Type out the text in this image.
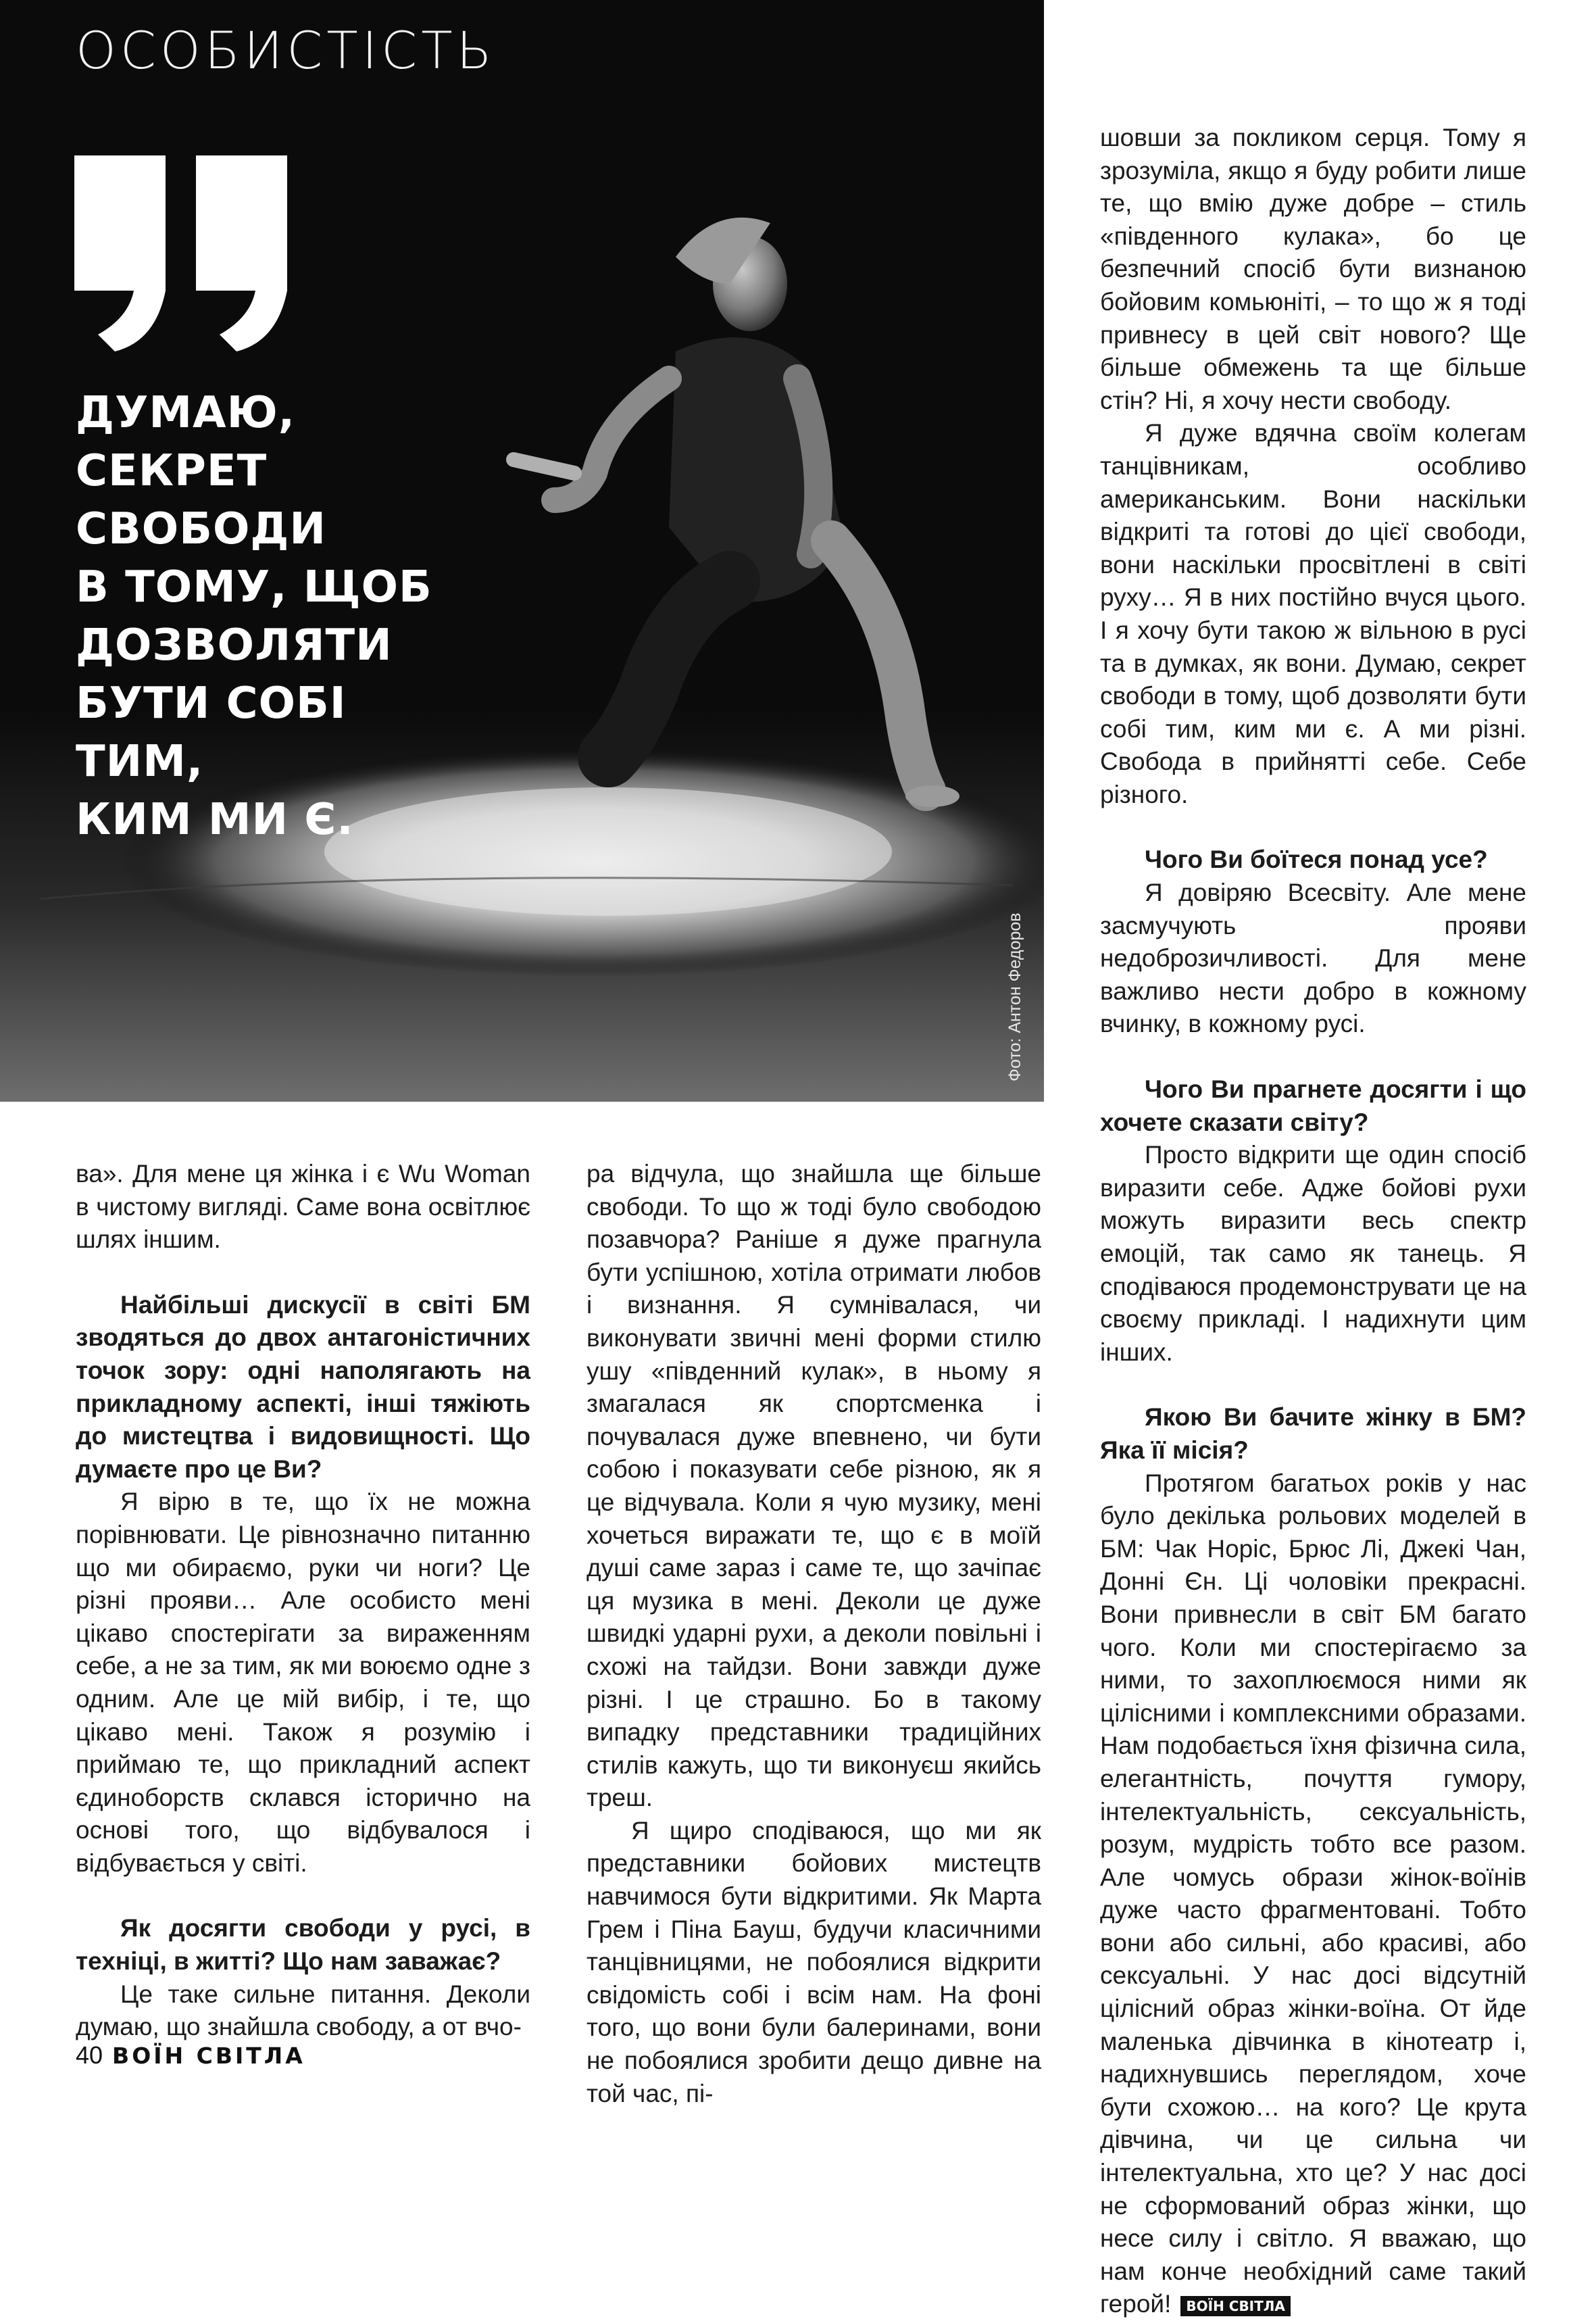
ОСОБИСТІСТЬ
ДУМАЮ, СЕКРЕТ
СВОБОДИ
В ТОМУ, ЩОБ
ДОЗВОЛЯТИ
БУТИ СОБІ ТИМ,
КИМ МИ Є.
Фото: Антон Федоров

ва». Для мене ця жінка і є Wu Woman в чистому вигляді. Саме вона освітлює шлях іншим.

Найбільші дискусії в світі БМ зводяться до двох антагоністичних точок зору: одні наполягають на прикладному аспекті, інші тяжіють до мистецтва і видовищності. Що думаєте про це Ви?

Я вірю в те, що їх не можна порівнювати. Це рівнозначно питанню що ми обираємо, руки чи ноги? Це різні прояви… Але особисто мені цікаво спостерігати за вираженням себе, а не за тим, як ми воюємо одне з одним. Але це мій вибір, і те, що цікаво мені. Також я розумію і приймаю те, що прикладний аспект єдиноборств склався історично на основі того, що відбувалося і відбувається у світі.

Як досягти свободи у русі, в техніці, в житті? Що нам заважає?

Це таке сильне питання. Деколи думаю, що знайшла свободу, а от вчо-

ра відчула, що знайшла ще більше свободи. То що ж тоді було свободою позавчора? Раніше я дуже прагнула бути успішною, хотіла отримати любов і визнання. Я сумнівалася, чи виконувати звичні мені форми стилю ушу «південний кулак», в ньому я змагалася як спортсменка і почувалася дуже впевнено, чи бути собою і показувати себе різною, як я це відчувала. Коли я чую музику, мені хочеться виражати те, що є в моїй душі саме зараз і саме те, що зачіпає ця музика в мені. Деколи це дуже швидкі ударні рухи, а деколи повільні і схожі на тайдзи. Вони завжди дуже різні. І це страшно. Бо в такому випадку представники традиційних стилів кажуть, що ти виконуєш якийсь треш.

Я щиро сподіваюся, що ми як представники бойових мистецтв навчимося бути відкритими. Як Марта Грем і Піна Бауш, будучи класичними танцівницями, не побоялися відкрити свідомість собі і всім нам. На фоні того, що вони були балеринами, вони не побоялися зробити дещо дивне на той час, пі-

шовши за покликом серця. Тому я зрозуміла, якщо я буду робити лише те, що вмію дуже добре – стиль «південного кулака», бо це безпечний спосіб бути визнаною бойовим комьюніті, – то що ж я тоді привнесу в цей світ нового? Ще більше обмежень та ще більше стін? Ні, я хочу нести свободу.

Я дуже вдячна своїм колегам танцівникам, особливо американським. Вони наскільки відкриті та готові до цієї свободи, вони наскільки просвітлені в світі руху… Я в них постійно вчуся цього. І я хочу бути такою ж вільною в русі та в думках, як вони. Думаю, секрет свободи в тому, щоб дозволяти бути собі тим, ким ми є. А ми різні. Свобода в прийнятті себе. Себе різного.

Чого Ви боїтеся понад усе?

Я довіряю Всесвіту. Але мене засмучують прояви недоброзичливості. Для мене важливо нести добро в кожному вчинку, в кожному русі.

Чого Ви прагнете досягти і що хочете сказати світу?

Просто відкрити ще один спосіб виразити себе. Адже бойові рухи можуть виразити весь спектр емоцій, так само як танець. Я сподіваюся продемонструвати це на своєму прикладі. І надихнути цим інших.

Якою Ви бачите жінку в БМ? Яка її місія?

Протягом багатьох років у нас було декілька рольових моделей в БМ: Чак Норіс, Брюс Лі, Джекі Чан, Донні Єн. Ці чоловіки прекрасні. Вони привнесли в світ БМ багато чого. Коли ми спостерігаємо за ними, то захоплюємося ними як цілісними і комплексними образами. Нам подобається їхня фізична сила, елегантність, почуття гумору, інтелектуальність, сексуальність, розум, мудрість тобто все разом. Але чомусь образи жінок-воїнів дуже часто фрагментовані. Тобто вони або сильні, або красиві, або сексуальні. У нас досі відсутній цілісний образ жінки-воїна. От йде маленька дівчинка в кінотеатр і, надихнувшись переглядом, хоче бути схожою… на кого? Це крута дівчина, чи це сильна чи інтелектуальна, хто це? У нас досі не сформований образ жінки, що несе силу і світло. Я вважаю, що нам конче необхідний саме такий герой! ВОЇН СВІТЛА

40 ВОЇН СВІТЛА
